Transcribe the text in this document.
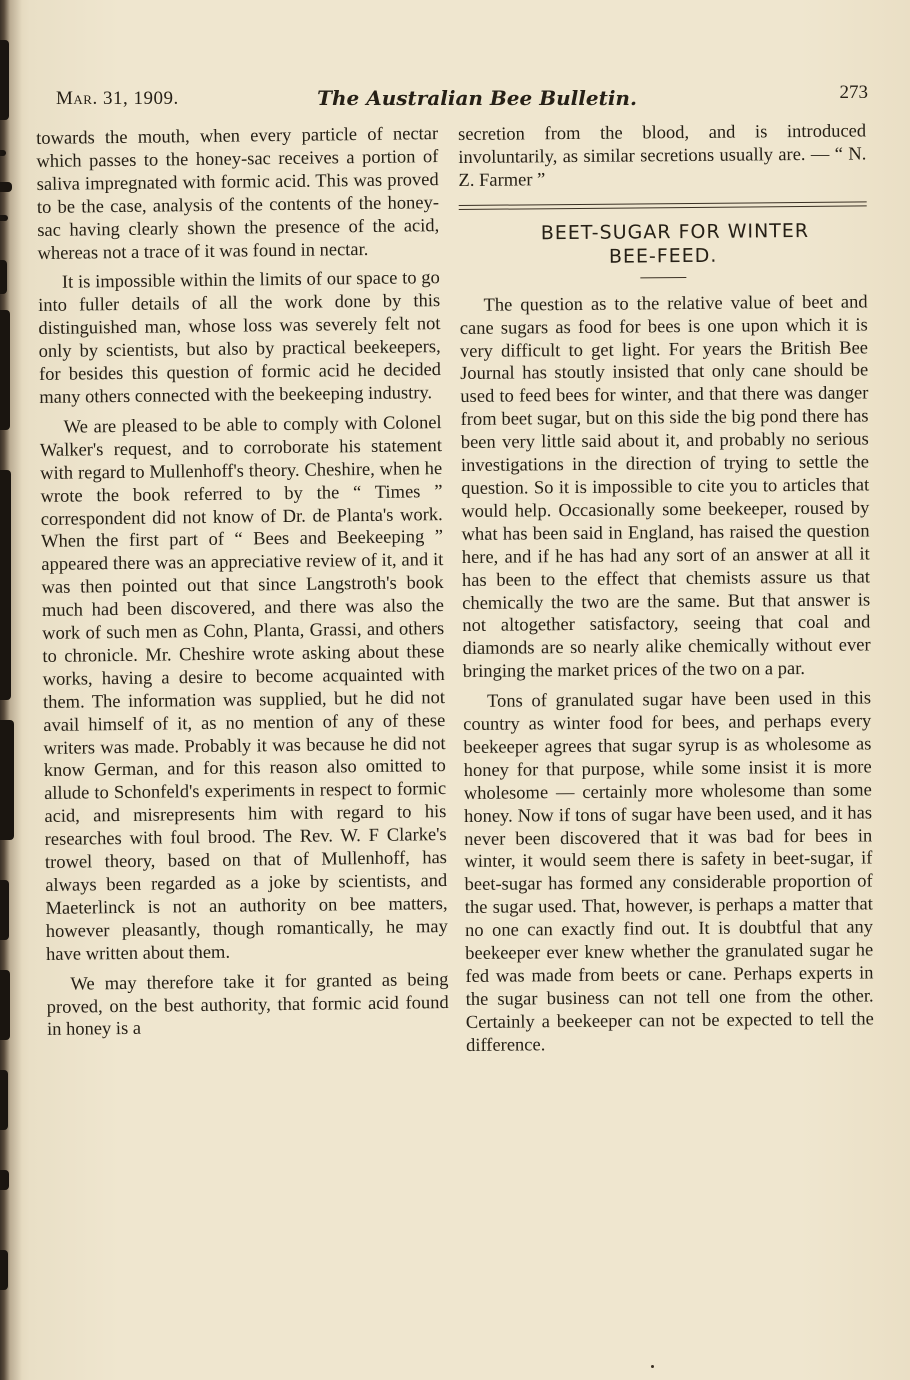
Mar. 31, 1909.	The Australian Bee Bulletin.	273

towards the mouth, when every particle of nectar which passes to the honey-sac receives a portion of saliva impregnated with formic acid. This was proved to be the case, analysis of the contents of the honey-sac having clearly shown the presence of the acid, whereas not a trace of it was found in nectar.

It is impossible within the limits of our space to go into fuller details of all the work done by this distinguished man, whose loss was severely felt not only by scientists, but also by practical beekeepers, for besides this question of formic acid he decided many others connected with the beekeeping industry.

We are pleased to be able to comply with Colonel Walker's request, and to corroborate his statement with regard to Mullenhoff's theory. Cheshire, when he wrote the book referred to by the “ Times ” correspondent did not know of Dr. de Planta's work. When the first part of “ Bees and Beekeeping ” appeared there was an appreciative review of it, and it was then pointed out that since Langstroth's book much had been discovered, and there was also the work of such men as Cohn, Planta, Grassi, and others to chronicle. Mr. Cheshire wrote asking about these works, having a desire to become acquainted with them. The information was supplied, but he did not avail himself of it, as no mention of any of these writers was made. Probably it was because he did not know German, and for this reason also omitted to allude to Schonfeld's experiments in respect to formic acid, and misrepresents him with regard to his researches with foul brood. The Rev. W. F Clarke's trowel theory, based on that of Mullenhoff, has always been regarded as a joke by scientists, and Maeterlinck is not an authority on bee matters, however pleasantly, though romantically, he may have written about them.

We may therefore take it for granted as being proved, on the best authority, that formic acid found in honey is a

secretion from the blood, and is introduced involuntarily, as similar secretions usually are. — “ N. Z. Farmer ”

BEET-SUGAR FOR WINTER
BEE-FEED.

The question as to the relative value of beet and cane sugars as food for bees is one upon which it is very difficult to get light. For years the British Bee Journal has stoutly insisted that only cane should be used to feed bees for winter, and that there was danger from beet sugar, but on this side the big pond there has been very little said about it, and probably no serious investigations in the direction of trying to settle the question. So it is impossible to cite you to articles that would help. Occasionally some beekeeper, roused by what has been said in England, has raised the question here, and if he has had any sort of an answer at all it has been to the effect that chemists assure us that chemically the two are the same. But that answer is not altogether satisfactory, seeing that coal and diamonds are so nearly alike chemically without ever bringing the market prices of the two on a par.

Tons of granulated sugar have been used in this country as winter food for bees, and perhaps every beekeeper agrees that sugar syrup is as wholesome as honey for that purpose, while some insist it is more wholesome — certainly more wholesome than some honey. Now if tons of sugar have been used, and it has never been discovered that it was bad for bees in winter, it would seem there is safety in beet-sugar, if beet-sugar has formed any considerable proportion of the sugar used. That, however, is perhaps a matter that no one can exactly find out. It is doubtful that any beekeeper ever knew whether the granulated sugar he fed was made from beets or cane. Perhaps experts in the sugar business can not tell one from the other. Certainly a beekeeper can not be expected to tell the difference.
